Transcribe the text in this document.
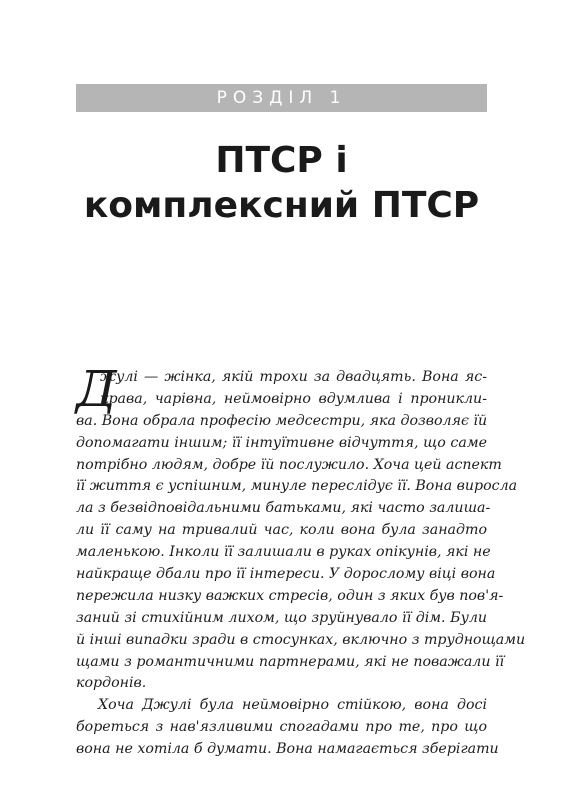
РОЗДІЛ 1
ПТСР і
комплексний ПТСР
Д
жулі — жінка, якій трохи за двадцять. Вона яс-
крава, чарівна, неймовірно вдумлива і проникли-
ва. Вона обрала професію медсестри, яка дозволяє їй
допомагати іншим; її інтуїтивне відчуття, що саме
потрібно людям, добре їй послужило. Хоча цей аспект
її життя є успішним, минуле переслідує її. Вона виросла
ла з безвідповідальними батьками, які часто залиша-
ли її саму на тривалий час, коли вона була занадто
маленькою. Інколи її залишали в руках опікунів, які не
найкраще дбали про її інтереси. У дорослому віці вона
пережила низку важких стресів, один з яких був пов'я-
заний зі стихійним лихом, що зруйнувало її дім. Були
й інші випадки зради в стосунках, включно з труднощами
щами з романтичними партнерами, які не поважали її
кордонів.
Хоча Джулі була неймовірно стійкою, вона досі
бореться з нав'язливими спогадами про те, про що
вона не хотіла б думати. Вона намагається зберігати
